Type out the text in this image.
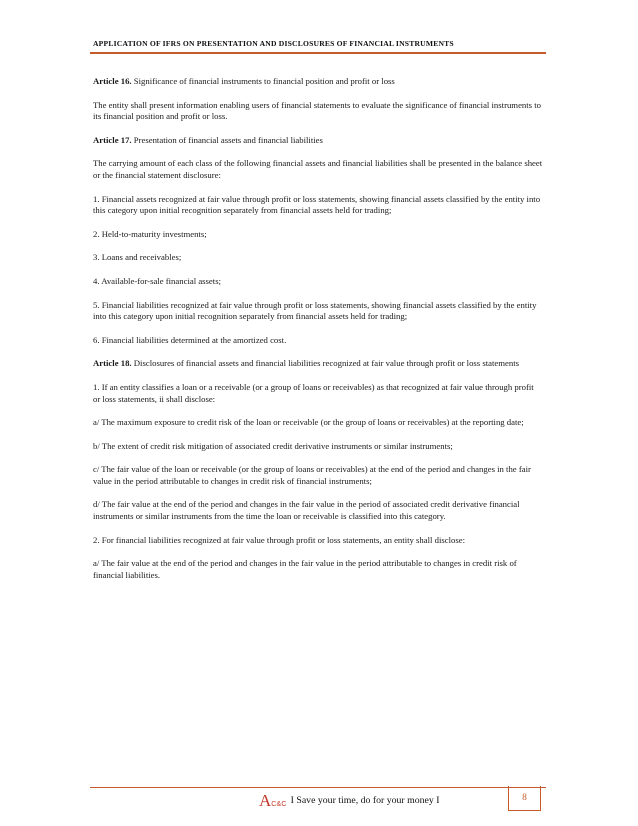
APPLICATION OF IFRS ON PRESENTATION AND DISCLOSURES OF FINANCIAL INSTRUMENTS

Article 16. Significance of financial instruments to financial position and profit or loss

The entity shall present information enabling users of financial statements to evaluate the significance of financial instruments to its financial position and profit or loss.

Article 17. Presentation of financial assets and financial liabilities

The carrying amount of each class of the following financial assets and financial liabilities shall be presented in the balance sheet or the financial statement disclosure:

1. Financial assets recognized at fair value through profit or loss statements, showing financial assets classified by the entity into this category upon initial recognition separately from financial assets held for trading;

2. Held-to-maturity investments;

3. Loans and receivables;

4. Available-for-sale financial assets;

5. Financial liabilities recognized at fair value through profit or loss statements, showing financial assets classified by the entity into this category upon initial recognition separately from financial assets held for trading;

6. Financial liabilities determined at the amortized cost.

Article 18. Disclosures of financial assets and financial liabilities recognized at fair value through profit or loss statements

1. If an entity classifies a loan or a receivable (or a group of loans or receivables) as that recognized at fair value through profit or loss statements, ii shall disclose:

a/ The maximum exposure to credit risk of the loan or receivable (or the group of loans or receivables) at the reporting date;

b/ The extent of credit risk mitigation of associated credit derivative instruments or similar instruments;

c/ The fair value of the loan or receivable (or the group of loans or receivables) at the end of the period and changes in the fair value in the period attributable to changes in credit risk of financial instruments;

d/ The fair value at the end of the period and changes in the fair value in the period of associated credit derivative financial instruments or similar instruments from the time the loan or receivable is classified into this category.

2. For financial liabilities recognized at fair value through profit or loss statements, an entity shall disclose:

a/ The fair value at the end of the period and changes in the fair value in the period attributable to changes in credit risk of financial liabilities.

A C&C I Save your time, do for your money I	8
